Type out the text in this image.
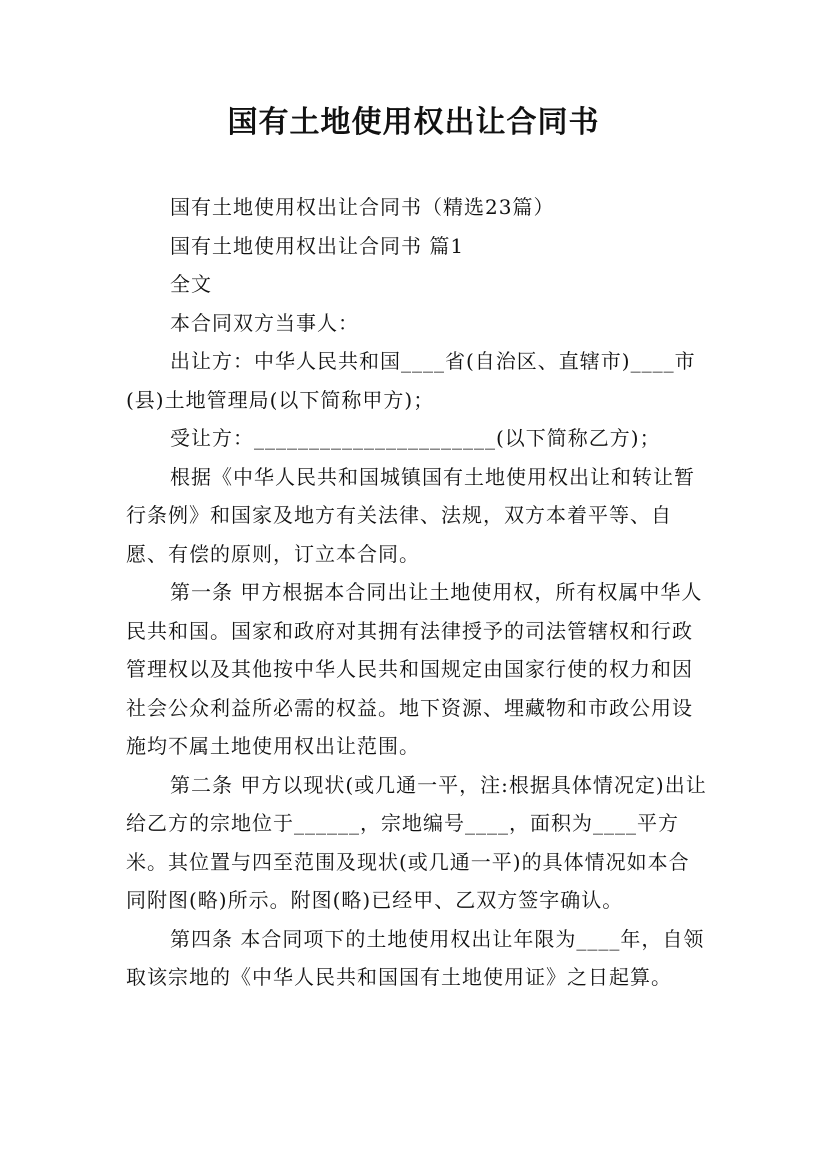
国有土地使用权出让合同书

国有土地使用权出让合同书（精选23篇）

国有土地使用权出让合同书 篇1

全文

本合同双方当事人：

出让方：中华人民共和国____省(自治区、直辖市)____市(县)土地管理局(以下简称甲方)；

受让方：______________________(以下简称乙方)；

根据《中华人民共和国城镇国有土地使用权出让和转让暂行条例》和国家及地方有关法律、法规，双方本着平等、自愿、有偿的原则，订立本合同。

第一条 甲方根据本合同出让土地使用权，所有权属中华人民共和国。国家和政府对其拥有法律授予的司法管辖权和行政管理权以及其他按中华人民共和国规定由国家行使的权力和因社会公众利益所必需的权益。地下资源、埋藏物和市政公用设施均不属土地使用权出让范围。

第二条 甲方以现状(或几通一平，注:根据具体情况定)出让给乙方的宗地位于______，宗地编号____，面积为____平方米。其位置与四至范围及现状(或几通一平)的具体情况如本合同附图(略)所示。附图(略)已经甲、乙双方签字确认。

第四条 本合同项下的土地使用权出让年限为____年，自领取该宗地的《中华人民共和国国有土地使用证》之日起算。
